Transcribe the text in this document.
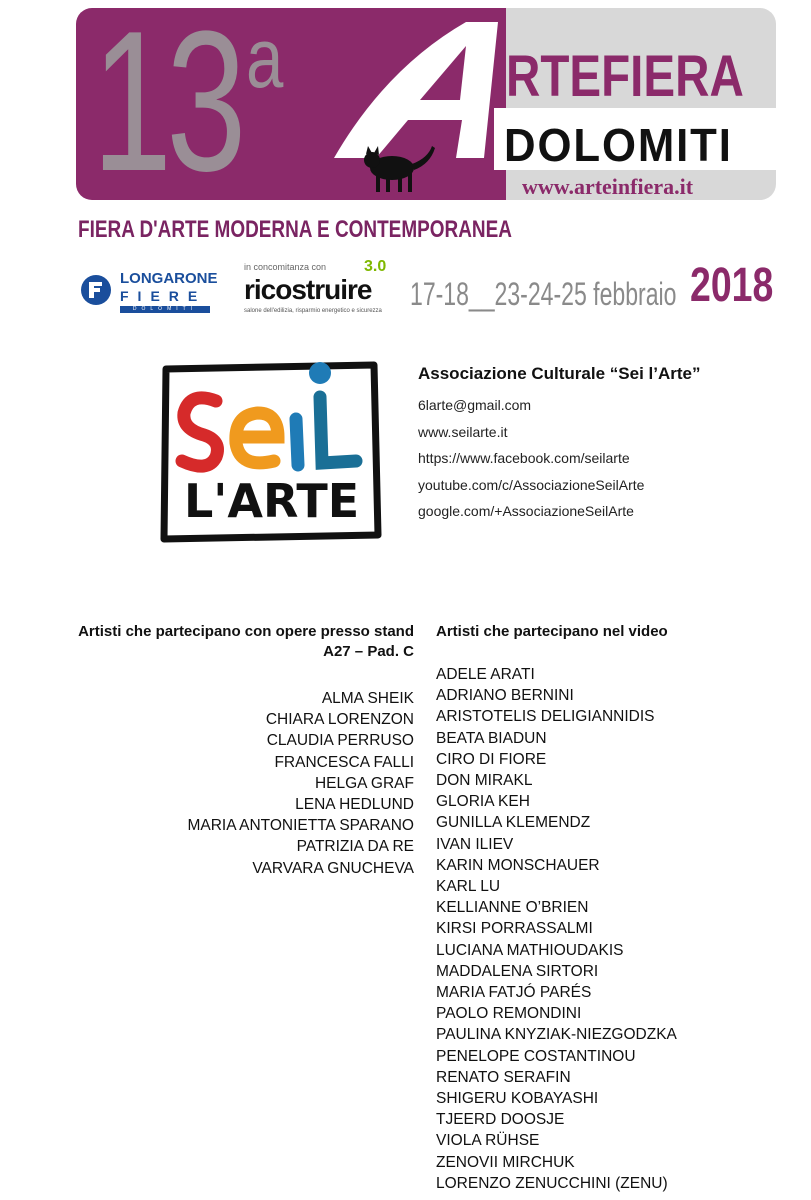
13 a	RTEFIERA
DOLOMITI
www.arteinfiera.it
FIERA D'ARTE MODERNA E CONTEMPORANEA
LONGARONE
FIERE
DOLOMITI
in concomitanza con 3.0
ricostruire
salone dell'edilizia, risparmio energetico e sicurezza 17-18__23-24-25 febbraio 2018
L'ARTE
Associazione Culturale “Sei l’Arte”
6larte@gmail.com
www.seilarte.it
https://www.facebook.com/seilarte
youtube.com/c/AssociazioneSeilArte
google.com/+AssociazioneSeilArte
Artisti che partecipano con opere presso stand
A27 – Pad. C
ALMA SHEIK
CHIARA LORENZON
CLAUDIA PERRUSO
FRANCESCA FALLI
HELGA GRAF
LENA HEDLUND
MARIA ANTONIETTA SPARANO
PATRIZIA DA RE
VARVARA GNUCHEVA
Artisti che partecipano nel video
ADELE ARATI
ADRIANO BERNINI
ARISTOTELIS DELIGIANNIDIS
BEATA BIADUN
CIRO DI FIORE
DON MIRAKL
GLORIA KEH
GUNILLA KLEMENDZ
IVAN ILIEV
KARIN MONSCHAUER
KARL LU
KELLIANNE O’BRIEN
KIRSI PORRASSALMI
LUCIANA MATHIOUDAKIS
MADDALENA SIRTORI
MARIA FATJÓ PARÉS
PAOLO REMONDINI
PAULINA KNYZIAK-NIEZGODZKA
PENELOPE COSTANTINOU
RENATO SERAFIN
SHIGERU KOBAYASHI
TJEERD DOOSJE
VIOLA RÜHSE
ZENOVII MIRCHUK
LORENZO ZENUCCHINI (ZENU)
